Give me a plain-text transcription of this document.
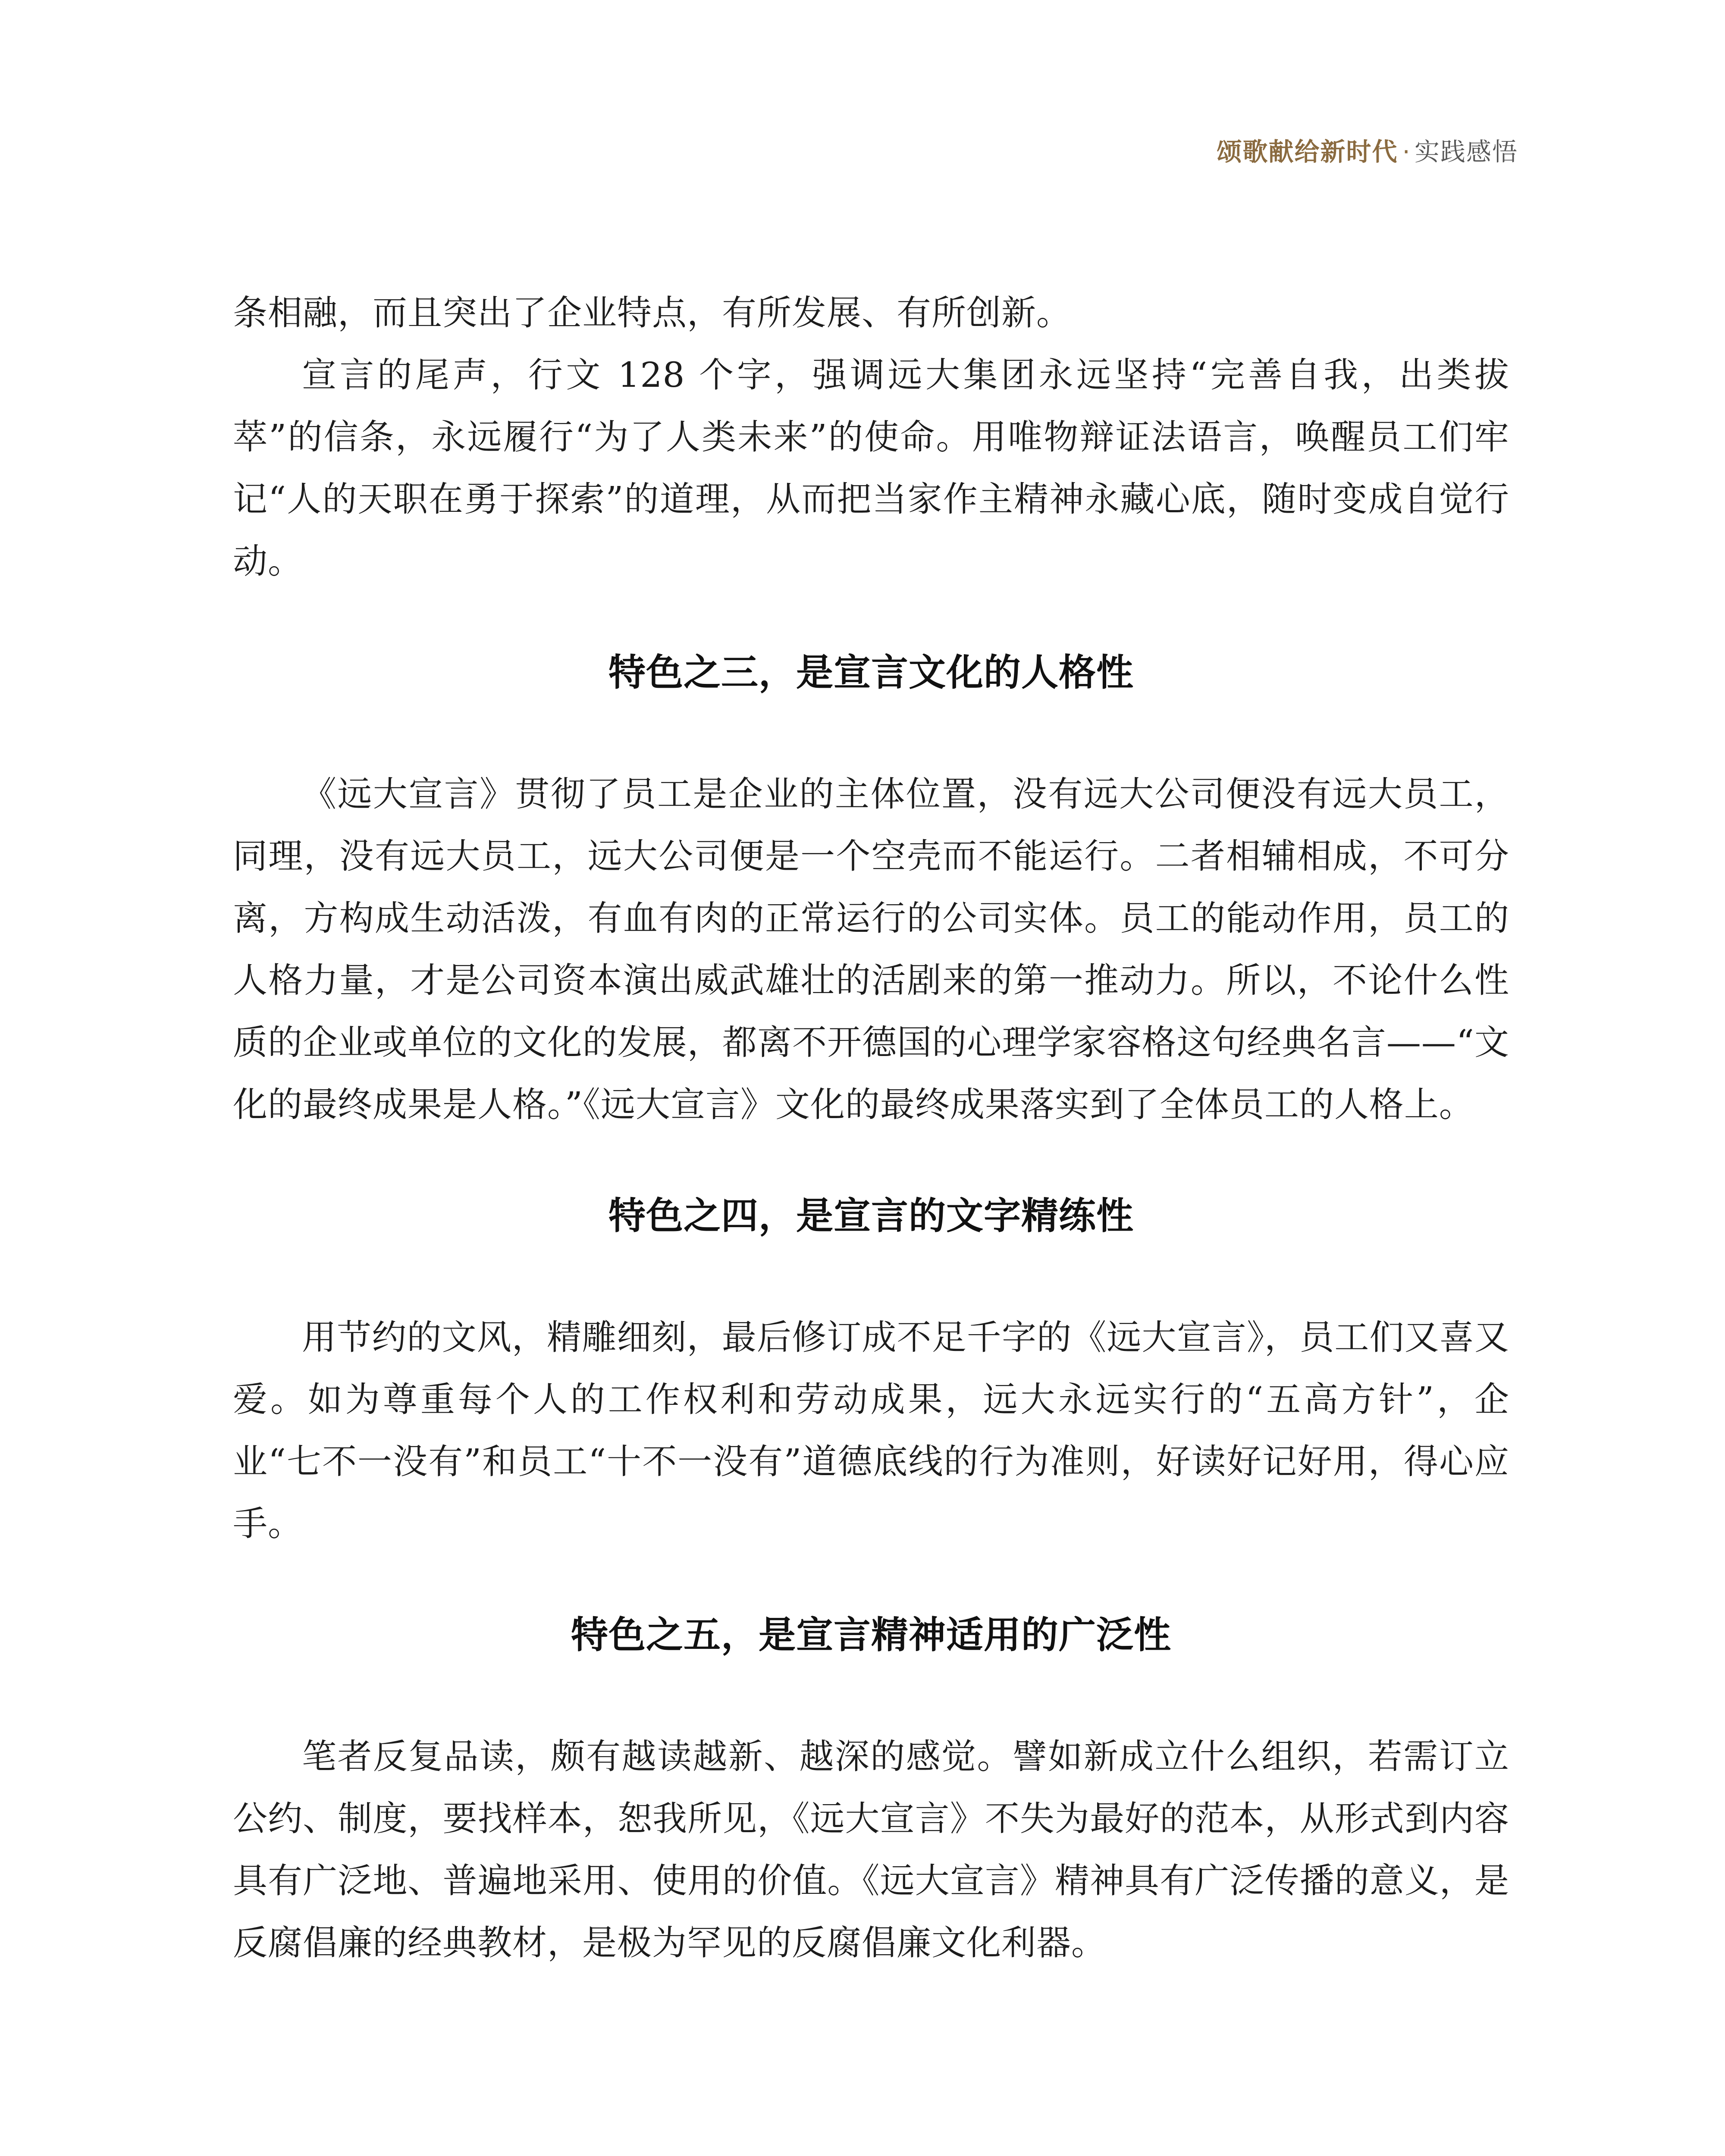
颂歌献给新时代 · 实践感悟

条相融，而且突出了企业特点，有所发展、有所创新。

宣言的尾声，行文 128 个字，强调远大集团永远坚持“完善自我，出类拔萃”的信条，永远履行“为了人类未来”的使命。用唯物辩证法语言，唤醒员工们牢记“人的天职在勇于探索”的道理，从而把当家作主精神永藏心底，随时变成自觉行动。

特色之三，是宣言文化的人格性

《远大宣言》贯彻了员工是企业的主体位置，没有远大公司便没有远大员工，同理，没有远大员工，远大公司便是一个空壳而不能运行。二者相辅相成，不可分离，方构成生动活泼，有血有肉的正常运行的公司实体。员工的能动作用，员工的人格力量，才是公司资本演出威武雄壮的活剧来的第一推动力。所以，不论什么性质的企业或单位的文化的发展，都离不开德国的心理学家容格这句经典名言——“文化的最终成果是人格。”《远大宣言》文化的最终成果落实到了全体员工的人格上。

特色之四，是宣言的文字精练性

用节约的文风，精雕细刻，最后修订成不足千字的《远大宣言》，员工们又喜又爱。如为尊重每个人的工作权利和劳动成果，远大永远实行的“五高方针”，企业“七不一没有”和员工“十不一没有”道德底线的行为准则，好读好记好用，得心应手。

特色之五，是宣言精神适用的广泛性

笔者反复品读，颇有越读越新、越深的感觉。譬如新成立什么组织，若需订立公约、制度，要找样本，恕我所见，《远大宣言》不失为最好的范本，从形式到内容具有广泛地、普遍地采用、使用的价值。《远大宣言》精神具有广泛传播的意义，是反腐倡廉的经典教材，是极为罕见的反腐倡廉文化利器。
